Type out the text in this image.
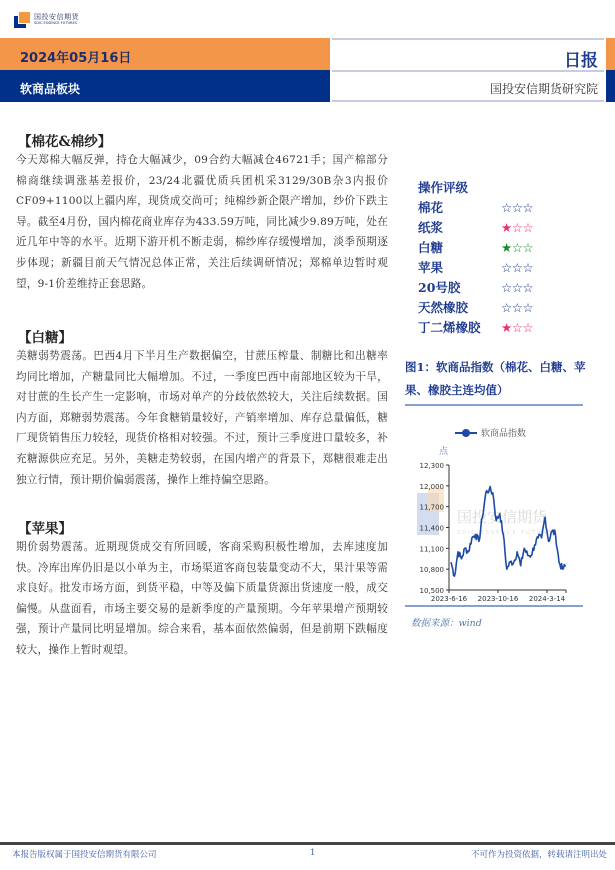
国投安信期货
SDIC ESSENCE FUTURES
2024年05月16日
软商品板块
日报
国投安信期货研究院
【棉花&棉纱】
今天郑棉大幅反弹，持仓大幅减少，09合约大幅减仓46721手；国产棉部分棉商继续调涨基差报价，23/24北疆优质兵团机采3129/30B杂3内报价CF09+1100以上疆内库，现货成交尚可；纯棉纱新企限产增加，纱价下跌主导。截至4月份，国内棉花商业库存为433.59万吨，同比减少9.89万吨，处在近几年中等的水平。近期下游开机不断走弱，棉纱库存缓慢增加，淡季预期逐步体现；新疆目前天气情况总体正常，关注后续调研情况；郑棉单边暂时观望，9-1价差维持正套思路。
【白糖】
美糖弱势震荡。巴西4月下半月生产数据偏空，甘蔗压榨量、制糖比和出糖率均同比增加，产糖量同比大幅增加。不过，一季度巴西中南部地区较为干旱，对甘蔗的生长产生一定影响，市场对单产的分歧依然较大，关注后续数据。国内方面，郑糖弱势震荡。今年食糖销量较好，产销率增加、库存总量偏低，糖厂现货销售压力较轻，现货价格相对较强。不过，预计三季度进口量较多，补充糖源供应充足。另外，美糖走势较弱，在国内增产的背景下，郑糖很难走出独立行情，预计期价偏弱震荡，操作上维持偏空思路。
【苹果】
期价弱势震荡。近期现货成交有所回暖，客商采购积极性增加，去库速度加快。冷库出库仍旧是以小单为主，市场渠道客商包装量变动不大，果汁果等需求良好。批发市场方面，到货平稳，中等及偏下质量货源出货速度一般，成交偏慢。从盘面看，市场主要交易的是新季度的产量预期。今年苹果增产预期较强，预计产量同比明显增加。综合来看，基本面依然偏弱，但是前期下跌幅度较大，操作上暂时观望。
操作评级
棉花	☆☆☆
纸浆	★☆☆
白糖	★☆☆
苹果	☆☆☆
20号胶	☆☆☆
天然橡胶	☆☆☆
丁二烯橡胶	★☆☆
图1：软商品指数（棉花、白糖、苹果、橡胶主连均值）
软商品指数
国投安信期货
SDIC ESSENCE FUTURES
点
10,500
10,800
11,100
11,400
11,700
12,000
12,300
2023-6-16 2023-10-16 2024-3-14
数据来源：wind
本报告版权属于国投安信期货有限公司	1	不可作为投资依据，转载请注明出处
